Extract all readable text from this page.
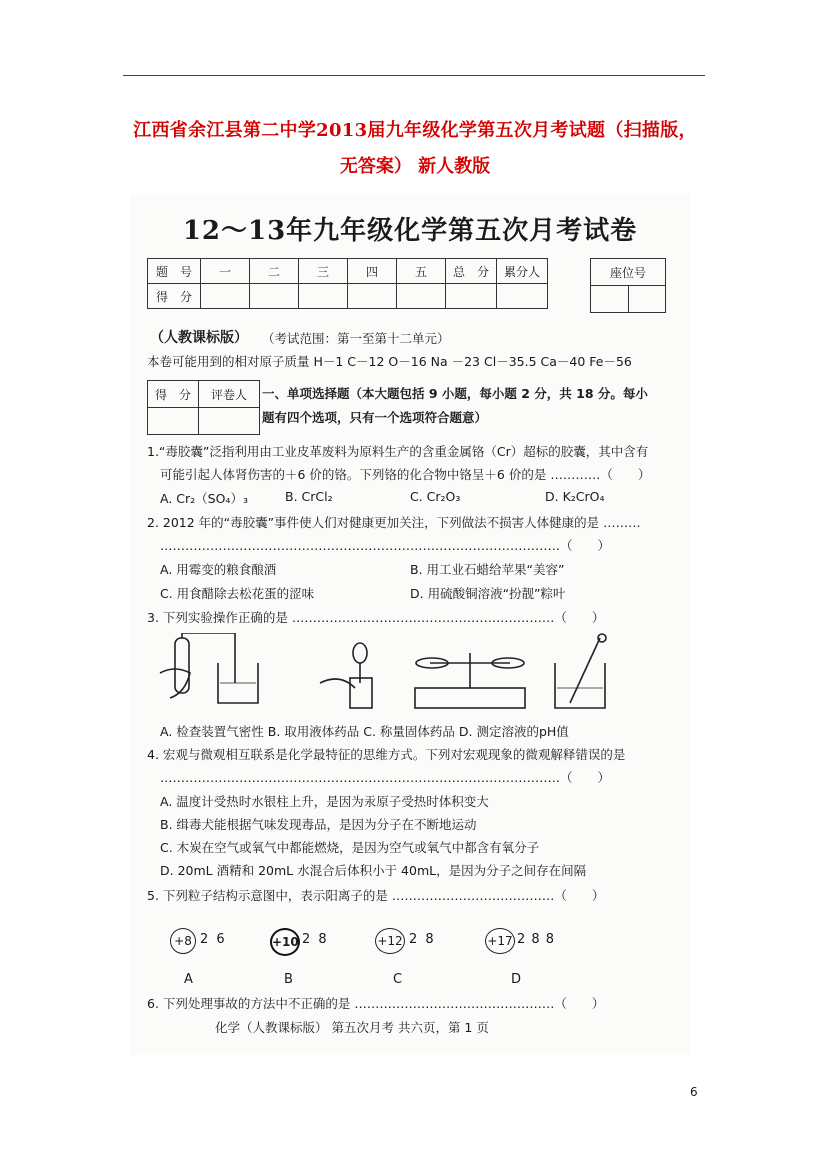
江西省余江县第二中学2013届九年级化学第五次月考试题（扫描版，
无答案） 新人教版
12～13年九年级化学第五次月考试卷
题　号	一	二	三	四	五	总　分	累分人
得　分							
座位号

（人教课标版） （考试范围：第一至第十二单元）
本卷可能用到的相对原子质量 H－1 C－12 O－16 Na －23 Cl－35.5 Ca－40 Fe－56
得　分	评卷人
	一、单项选择题（本大题包括 9 小题，每小题 2 分，共 18 分。每小
题有四个选项，只有一个选项符合题意）
1.“毒胶囊”泛指利用由工业皮革废料为原料生产的含重金属铬（Cr）超标的胶囊，其中含有
可能引起人体肾伤害的＋6 价的铬。下列铬的化合物中铬呈＋6 价的是 …………（　　）
A. Cr₂（SO₄）₃	B. CrCl₂	C. Cr₂O₃	D. K₂CrO₄
2. 2012 年的“毒胶囊”事件使人们对健康更加关注，下列做法不损害人体健康的是 ………
……………………………………………………………………………………（　　）
A. 用霉变的粮食酿酒	B. 用工业石蜡给苹果“美容”
C. 用食醋除去松花蛋的涩味	D. 用硫酸铜溶液“扮靓”粽叶
3. 下列实验操作正确的是 ………………………………………………………（　　）
A. 检查装置气密性 B. 取用液体药品 C. 称量固体药品 D. 测定溶液的pH值
4. 宏观与微观相互联系是化学最特征的思维方式。下列对宏观现象的微观解释错误的是
……………………………………………………………………………………（　　）
A. 温度计受热时水银柱上升，是因为汞原子受热时体积变大
B. 缉毒犬能根据气味发现毒品，是因为分子在不断地运动
C. 木炭在空气或氧气中都能燃烧，是因为空气或氧气中都含有氧分子
D. 20mL 酒精和 20mL 水混合后体积小于 40mL，是因为分子之间存在间隔
5. 下列粒子结构示意图中，表示阳离子的是 …………………………………（　　）
+8 2 6
A
+10 2 8
B
+12 2 8
C
+17 2 8 8
D
6. 下列处理事故的方法中不正确的是 …………………………………………（　　）
化学（人教课标版） 第五次月考 共六页，第 1 页
6
